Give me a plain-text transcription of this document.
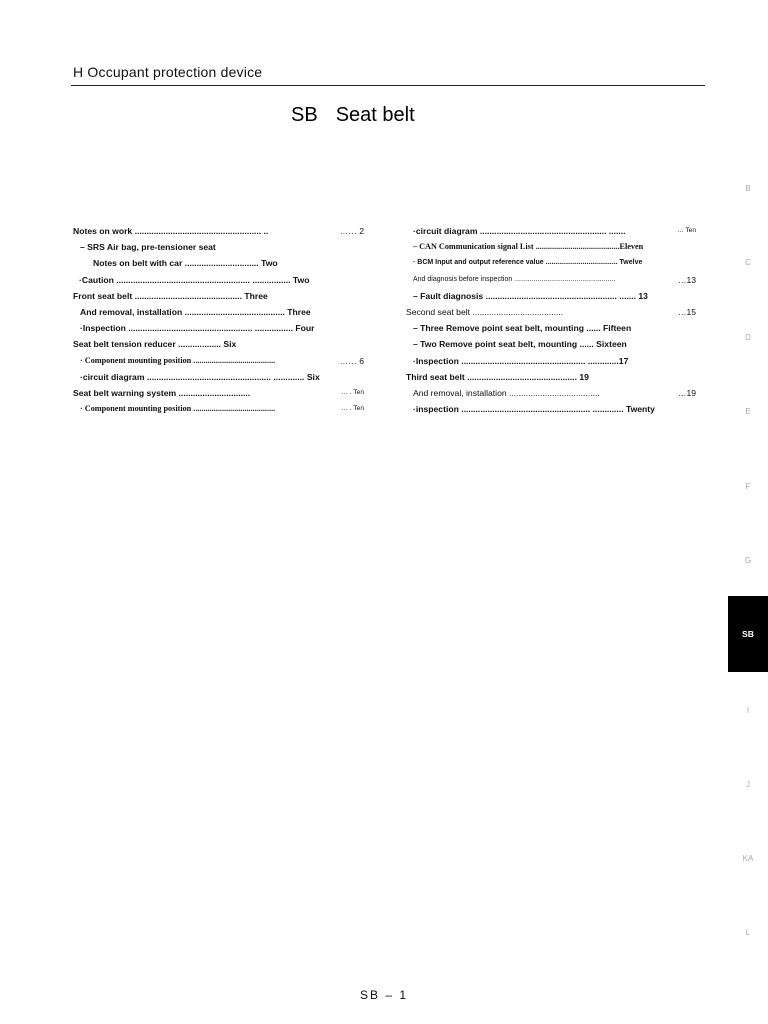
H Occupant protection device
SB Seat belt
Notes on work ..................................................... ..	…… 2
– SRS Air bag, pre-tensioner seat
Notes on belt with car ............................... Two
·Caution ........................................................ ................ Two
Front seat belt ............................................. Three
And removal, installation .......................................... Three
·Inspection .................................................... ................ Four
Seat belt tension reducer .................. Six
· Component mounting position ........................................	…… 6
·circuit diagram .................................................... ............. Six
Seat belt warning system ..............................	… . Ten
· Component mounting position ........................................	… . Ten
·circuit diagram ..................................................... .......	… Ten
– CAN Communication signal List .........................................Eleven
· BCM Input and output reference value ..................................... Twelve
And diagnosis before inspection ....................................................	…13
– Fault diagnosis ....................................................... ....... 13
Second seat belt ......................................	…15
– Three Remove point seat belt, mounting ...... Fifteen
– Two Remove point seat belt, mounting ...... Sixteen
·Inspection .................................................... .............17
Third seat belt .............................................. 19
And removal, installation ......................................	…19
·inspection ...................................................... ............. Twenty
B
C
D
E
F
G
SB
I
J
KA
L
SB – 1
